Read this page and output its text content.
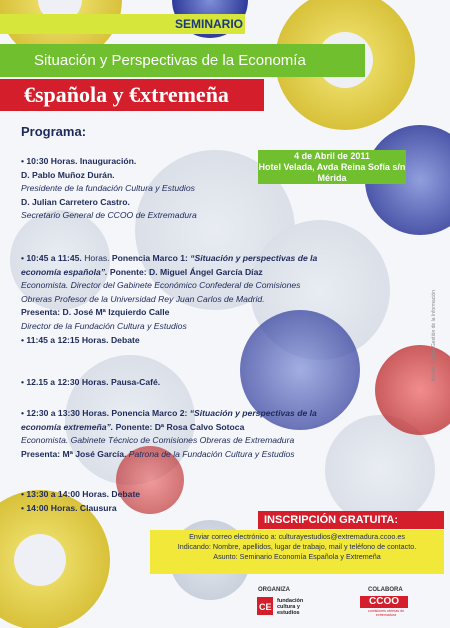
SEMINARIO
Situación y Perspectivas de la Economía
€spañola y €xtremeña
Programa:
4 de Abril de 2011
Hotel Velada, Avda Reina Sofía s/n
Mérida

• 10:30 Horas. Inauguración.

D. Pablo Muñoz Durán.

Presidente de la fundación Cultura y Estudios

D. Julian Carretero Castro.

Secretario General de CCOO de Extremadura

• 10:45 a 11:45. Horas. Ponencia Marco 1: “Situación y perspectivas de la

economía española”. Ponente: D. Miguel Ángel García Díaz

Economista. Director del Gabinete Económico Confederal de Comisiones

Obreras Profesor de la Universidad Rey Juan Carlos de Madrid.

Presenta: D. José Mª Izquierdo Calle

Director de la Fundación Cultura y Estudios

• 11:45 a 12:15 Horas. Debate

• 12.15 a 12:30 Horas. Pausa-Café.

• 12:30 a 13:30 Horas. Ponencia Marco 2: “Situación y perspectivas de la

economía extremeña”. Ponente: Dª Rosa Calvo Sotoca

Economista. Gabinete Técnico de Comisiones Obreras de Extremadura

Presenta: Mª José García. Patrona de la Fundación Cultura y Estudios

• 13:30 a 14:00 Horas. Debate

• 14:00 Horas. Clausura

INSCRIPCIÓN GRATUITA:
Enviar correo electrónico a: culturayestudios@extremadura.ccoo.es
Indicando: Nombre, apellidos, lugar de trabajo, mail y teléfono de contacto.
Asunto: Seminario Economía Española y Extremeña
ORGANIZA	COLABORA
CE
fundación cultura y estudios
CCOO
comisiones obreras de extremadura
diseño: Códice Gestión de la Información
